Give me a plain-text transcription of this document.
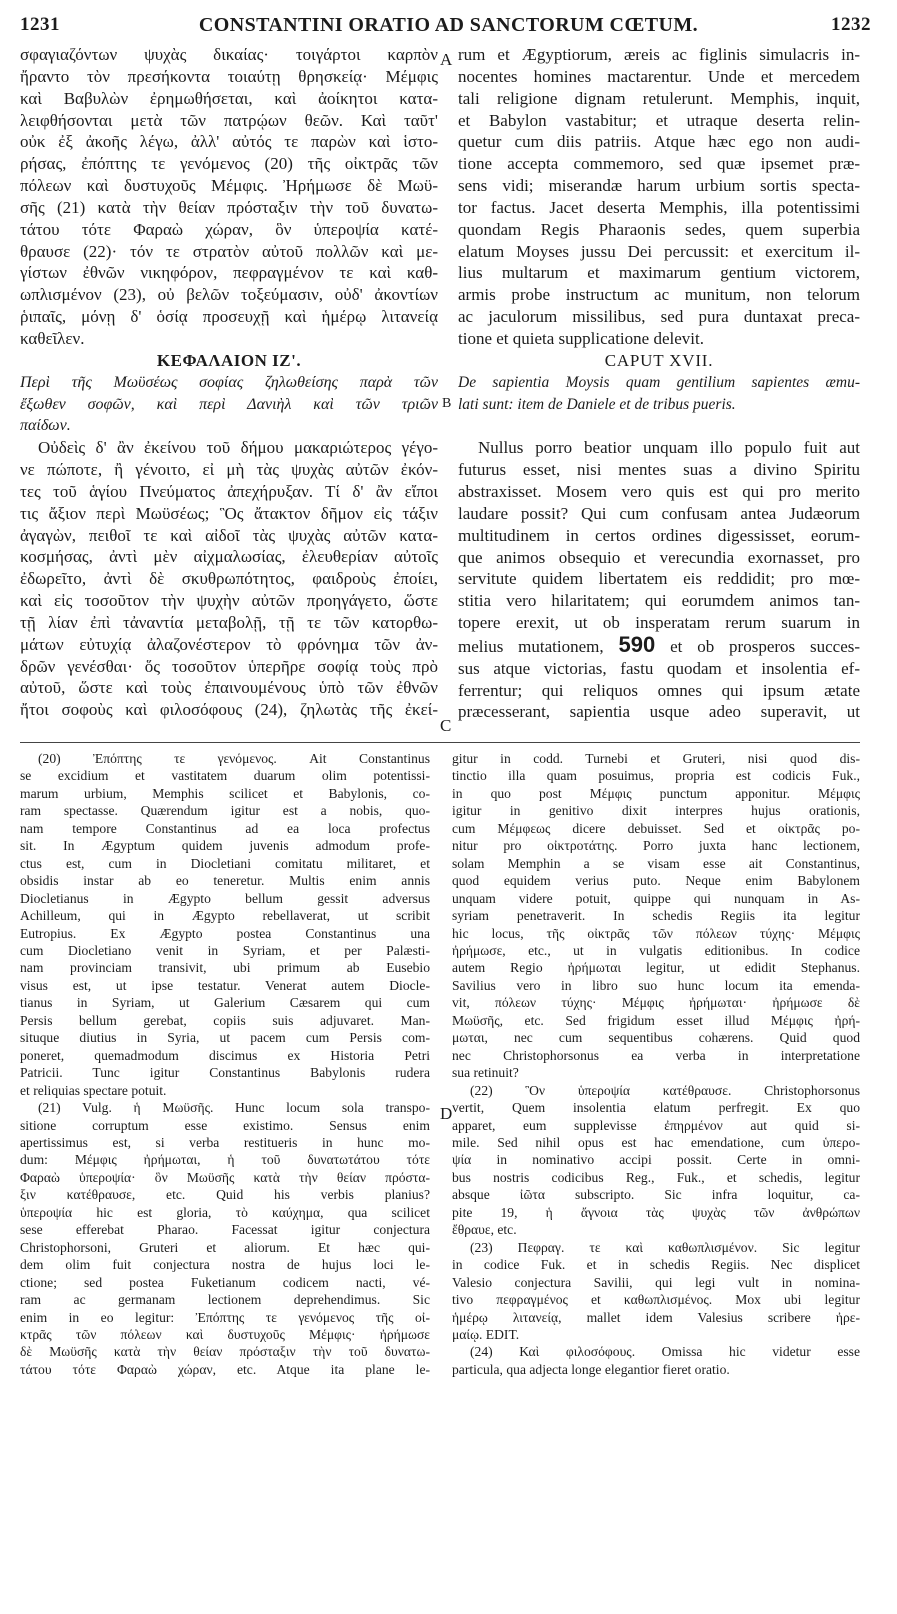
1231	CONSTANTINI ORATIO AD SANCTORUM CŒTUM.	1232
A
B
C
D
σφαγιαζόντων ψυχὰς δικαίας· τοιγάρτοι καρπὸν
ἤραντο τὸν πρεσήκοντα τοιαύτῃ θρησκείᾳ· Μέμφις
καὶ Βαβυλὼν ἐρημωθήσεται, καὶ ἀοίκητοι κατα-
λειφθήσονται μετὰ τῶν πατρῴων θεῶν. Καὶ ταῦτ'
οὐκ ἐξ ἀκοῆς λέγω, ἀλλ' αὐτός τε παρὼν καὶ ἱστο-
ρήσας, ἐπόπτης τε γενόμενος (20) τῆς οἰκτρᾶς τῶν
πόλεων καὶ δυστυχοῦς Μέμφις. Ἠρήμωσε δὲ Μωϋ-
σῆς (21) κατὰ τὴν θείαν πρόσταξιν τὴν τοῦ δυνατω-
τάτου τότε Φαραὼ χώραν, ὃν ὑπεροψία κατέ-
θραυσε (22)· τόν τε στρατὸν αὐτοῦ πολλῶν καὶ με-
γίστων ἐθνῶν νικηφόρον, πεφραγμένον τε καὶ καθ-
ωπλισμένον (23), οὐ βελῶν τοξεύμασιν, οὐδ' ἀκοντίων
ῥιπαῖς, μόνῃ δ' ὁσίᾳ προσευχῇ καὶ ἡμέρῳ λιτανείᾳ
καθεῖλεν.
ΚΕΦΑΛΑΙΟΝ ΙΖ'.
Περὶ τῆς Μωϋσέως σοφίας ζηλωθείσης παρὰ τῶν
ἔξωθεν σοφῶν, καὶ περὶ Δανιὴλ καὶ τῶν τριῶν
παίδων.
Οὐδεὶς δ' ἂν ἐκείνου τοῦ δήμου μακαριώτερος γέγο-
νε πώποτε, ἢ γένοιτο, εἰ μὴ τὰς ψυχὰς αὐτῶν ἐκόν-
τες τοῦ ἁγίου Πνεύματος ἀπεχήρυξαν. Τί δ' ἂν εἴποι
τις ἄξιον περὶ Μωϋσέως; Ὃς ἄτακτον δῆμον εἰς τάξιν
ἀγαγὼν, πειθοῖ τε καὶ αἰδοῖ τὰς ψυχὰς αὐτῶν κατα-
κοσμήσας, ἀντὶ μὲν αἰχμαλωσίας, ἐλευθερίαν αὐτοῖς
ἐδωρεῖτο, ἀντὶ δὲ σκυθρωπότητος, φαιδροὺς ἐποίει,
καὶ εἰς τοσοῦτον τὴν ψυχὴν αὐτῶν προηγάγετο, ὥστε
τῇ λίαν ἐπὶ τἀναντία μεταβολῇ, τῇ τε τῶν κατορθω-
μάτων εὐτυχίᾳ ἀλαζονέστερον τὸ φρόνημα τῶν ἀν-
δρῶν γενέσθαι· ὅς τοσοῦτον ὑπερῆρε σοφίᾳ τοὺς πρὸ
αὐτοῦ, ὥστε καὶ τοὺς ἐπαινουμένους ὑπὸ τῶν ἐθνῶν
ἤτοι σοφοὺς καὶ φιλοσόφους (24), ζηλωτὰς τῆς ἐκεί-
rum et Ægyptiorum, æreis ac figlinis simulacris in-
nocentes homines mactarentur. Unde et mercedem
tali religione dignam retulerunt. Memphis, inquit,
et Babylon vastabitur; et utraque deserta relin-
quetur cum diis patriis. Atque hæc ego non audi-
tione accepta commemoro, sed quæ ipsemet præ-
sens vidi; miserandæ harum urbium sortis specta-
tor factus. Jacet deserta Memphis, illa potentissimi
quondam Regis Pharaonis sedes, quem superbia
elatum Moyses jussu Dei percussit: et exercitum il-
lius multarum et maximarum gentium victorem,
armis probe instructum ac munitum, non telorum
ac jaculorum missilibus, sed pura duntaxat preca-
tione et quieta supplicatione delevit.
CAPUT XVII.
De sapientia Moysis quam gentilium sapientes æmu-
lati sunt: item de Daniele et de tribus pueris.
Nullus porro beatior unquam illo populo fuit aut
futurus esset, nisi mentes suas a divino Spiritu
abstraxisset. Mosem vero quis est qui pro merito
laudare possit? Qui cum confusam antea Judæorum
multitudinem in certos ordines digessisset, eorum-
que animos obsequio et verecundia exornasset, pro
servitute quidem libertatem eis reddidit; pro mœ-
stitia vero hilaritatem; qui eorumdem animos tan-
topere erexit, ut ob insperatam rerum suarum in
melius mutationem, 590 et ob prosperos succes-
sus atque victorias, fastu quodam et insolentia ef-
ferrentur; qui reliquos omnes qui ipsum ætate
præcesserant, sapientia usque adeo superavit, ut
(20) Ἐπόπτης τε γενόμενος. Ait Constantinus
se excidium et vastitatem duarum olim potentissi-
marum urbium, Memphis scilicet et Babylonis, co-
ram spectasse. Quærendum igitur est a nobis, quo-
nam tempore Constantinus ad ea loca profectus
sit. In Ægyptum quidem juvenis admodum profe-
ctus est, cum in Diocletiani comitatu militaret, et
obsidis instar ab eo teneretur. Multis enim annis
Diocletianus in Ægypto bellum gessit adversus
Achilleum, qui in Ægypto rebellaverat, ut scribit
Eutropius. Ex Ægypto postea Constantinus una
cum Diocletiano venit in Syriam, et per Palæsti-
nam provinciam transivit, ubi primum ab Eusebio
visus est, ut ipse testatur. Venerat autem Diocle-
tianus in Syriam, ut Galerium Cæsarem qui cum
Persis bellum gerebat, copiis suis adjuvaret. Man-
situque diutius in Syria, ut pacem cum Persis com-
poneret, quemadmodum discimus ex Historia Petri
Patricii. Tunc igitur Constantinus Babylonis rudera
et reliquias spectare potuit.
(21) Vulg. ἡ Μωϋσῆς. Hunc locum sola transpo-
sitione corruptum esse existimo. Sensus enim
apertissimus est, si verba restitueris in hunc mo-
dum: Μέμφις ἠρήμωται, ἡ τοῦ δυνατωτάτου τότε
Φαραὼ ὑπεροψία· ὃν Μωϋσῆς κατὰ τὴν θείαν πρόστα-
ξιν κατέθραυσε, etc. Quid his verbis planius?
ὑπεροψία hic est gloria, τὸ καύχημα, qua scilicet
sese efferebat Pharao. Facessat igitur conjectura
Christophorsoni, Gruteri et aliorum. Et hæc qui-
dem olim fuit conjectura nostra de hujus loci le-
ctione; sed postea Fuketianum codicem nacti, vé-
ram ac germanam lectionem deprehendimus. Sic
enim in eo legitur: Ἐπόπτης τε γενόμενος τῆς οἰ-
κτρᾶς τῶν πόλεων καὶ δυστυχοῦς Μέμφις· ἠρήμωσε
δὲ Μωϋσῆς κατὰ τὴν θείαν πρόσταξιν τὴν τοῦ δυνατω-
τάτου τότε Φαραὼ χώραν, etc. Atque ita plane le-
gitur in codd. Turnebi et Gruteri, nisi quod dis-
tinctio illa quam posuimus, propria est codicis Fuk.,
in quo post Μέμφις punctum apponitur. Μέμφις
igitur in genitivo dixit interpres hujus orationis,
cum Μέμφεως dicere debuisset. Sed et οἰκτρᾶς po-
nitur pro οἰκτροτάτης. Porro juxta hanc lectionem,
solam Memphin a se visam esse ait Constantinus,
quod equidem verius puto. Neque enim Babylonem
unquam videre potuit, quippe qui nunquam in As-
syriam penetraverit. In schedis Regiis ita legitur
hic locus, τῆς οἰκτρᾶς τῶν πόλεων τύχης· Μέμφις
ἠρήμωσε, etc., ut in vulgatis editionibus. In codice
autem Regio ἠρήμωται legitur, ut edidit Stephanus.
Savilius vero in libro suo hunc locum ita emenda-
vit, πόλεων τύχης· Μέμφις ἠρήμωται· ἠρήμωσε δὲ
Μωϋσῆς, etc. Sed frigidum esset illud Μέμφις ἠρή-
μωται, nec cum sequentibus cohærens. Quid quod
nec Christophorsonus ea verba in interpretatione
sua retinuit?
(22) Ὃν ὑπεροψία κατέθραυσε. Christophorsonus
vertit, Quem insolentia elatum perfregit. Ex quo
apparet, eum supplevisse ἐπηρμένον aut quid si-
mile. Sed nihil opus est hac emendatione, cum ὑπερο-
ψία in nominativo accipi possit. Certe in omni-
bus nostris codicibus Reg., Fuk., et schedis, legitur
absque ἰῶτα subscripto. Sic infra loquitur, ca-
pite 19, ἡ ἄγνοια τὰς ψυχὰς τῶν ἀνθρώπων
ἔθραυε, etc.
(23) Πεφραγ. τε καὶ καθωπλισμένον. Sic legitur
in codice Fuk. et in schedis Regiis. Nec displicet
Valesio conjectura Savilii, qui legi vult in nomina-
tivo πεφραγμένος et καθωπλισμένος. Mox ubi legitur
ἡμέρῳ λιτανείᾳ, mallet idem Valesius scribere ἠρε-
μαίῳ. EDIT.
(24) Καὶ φιλοσόφους. Omissa hic videtur esse
particula, qua adjecta longe elegantior fieret oratio.
